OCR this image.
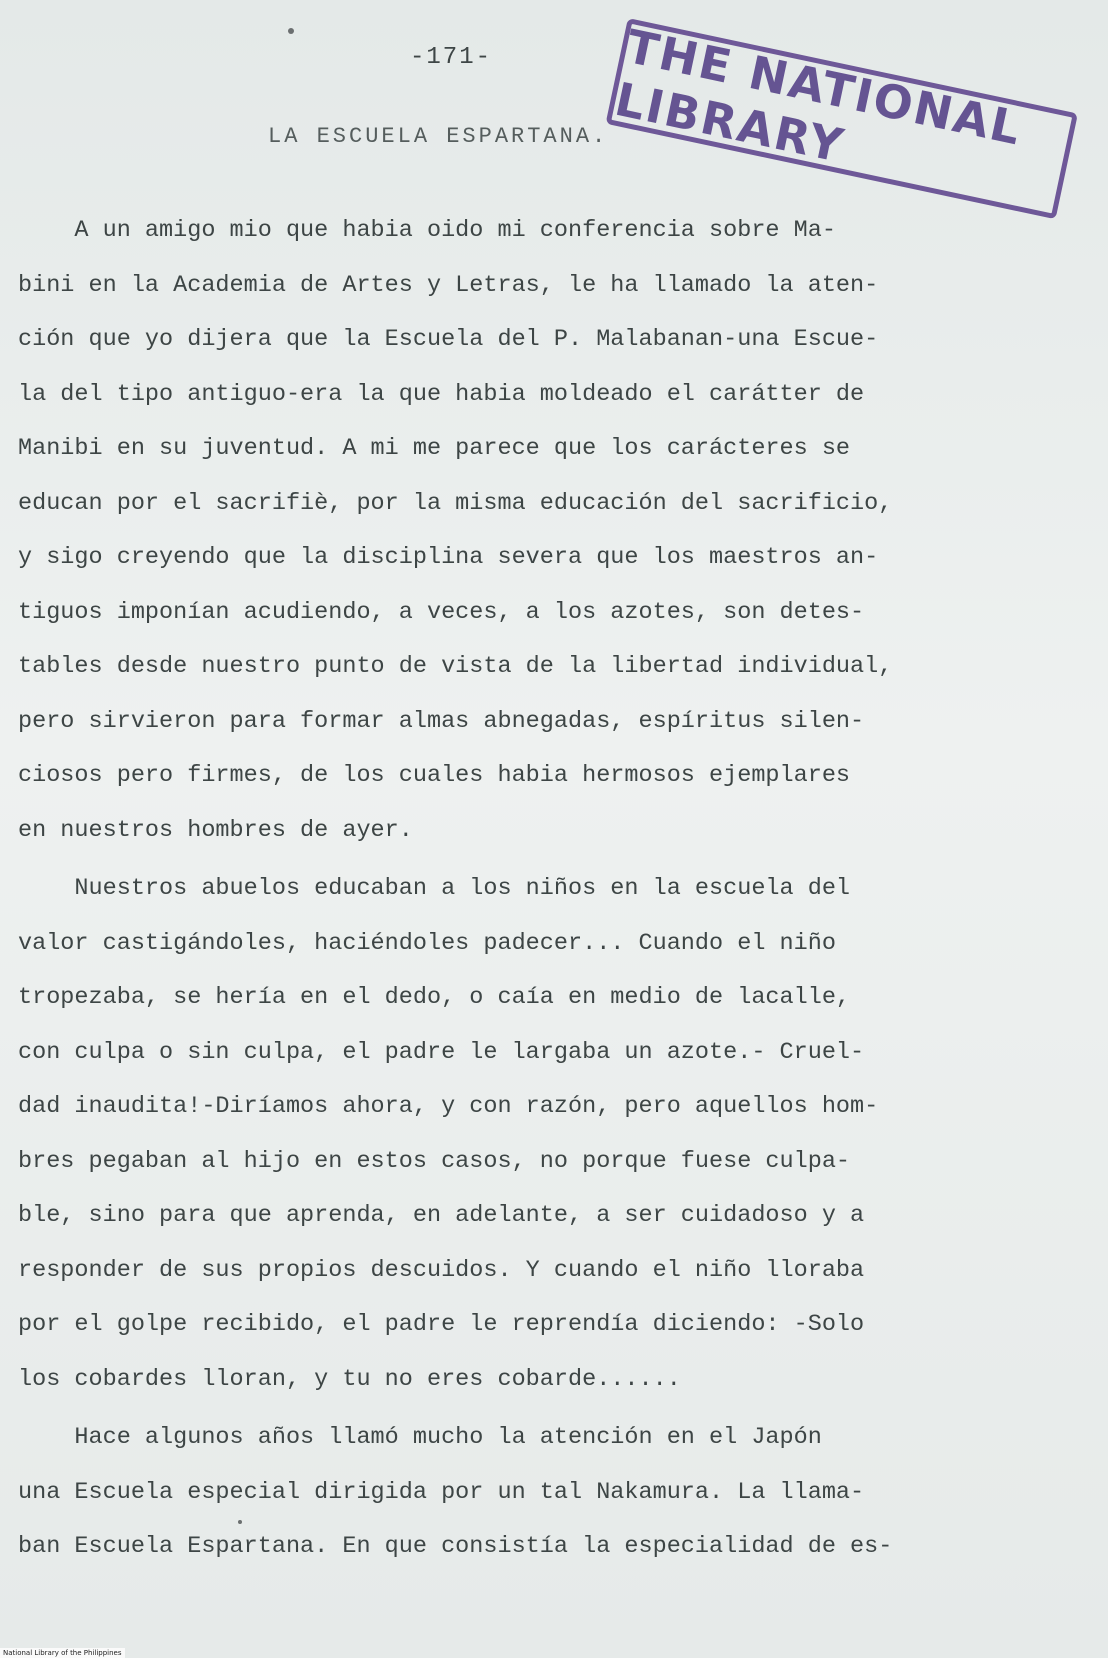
-171-
LA ESCUELA ESPARTANA. THE NATIONAL LIBRARY
A un amigo mio que habia oido mi conferencia sobre Ma-
bini en la Academia de Artes y Letras, le ha llamado la aten-
ción que yo dijera que la Escuela del P. Malabanan-una Escue-
la del tipo antiguo-era la que habia moldeado el carátter de
Manibi en su juventud. A mi me parece que los carácteres se
educan por el sacrifiè, por la misma educación del sacrificio,
y sigo creyendo que la disciplina severa que los maestros an-
tiguos imponían acudiendo, a veces, a los azotes, son detes-
tables desde nuestro punto de vista de la libertad individual,
pero sirvieron para formar almas abnegadas, espíritus silen-
ciosos pero firmes, de los cuales habia hermosos ejemplares
en nuestros hombres de ayer.
Nuestros abuelos educaban a los niños en la escuela del
valor castigándoles, haciéndoles padecer... Cuando el niño
tropezaba, se hería en el dedo, o caía en medio de lacalle,
con culpa o sin culpa, el padre le largaba un azote.- Cruel-
dad inaudita!-Diríamos ahora, y con razón, pero aquellos hom-
bres pegaban al hijo en estos casos, no porque fuese culpa-
ble, sino para que aprenda, en adelante, a ser cuidadoso y a
responder de sus propios descuidos. Y cuando el niño lloraba
por el golpe recibido, el padre le reprendía diciendo: -Solo
los cobardes lloran, y tu no eres cobarde......
Hace algunos años llamó mucho la atención en el Japón
una Escuela especial dirigida por un tal Nakamura. La llama-
ban Escuela Espartana. En que consistía la especialidad de es-
National Library of the Philippines
